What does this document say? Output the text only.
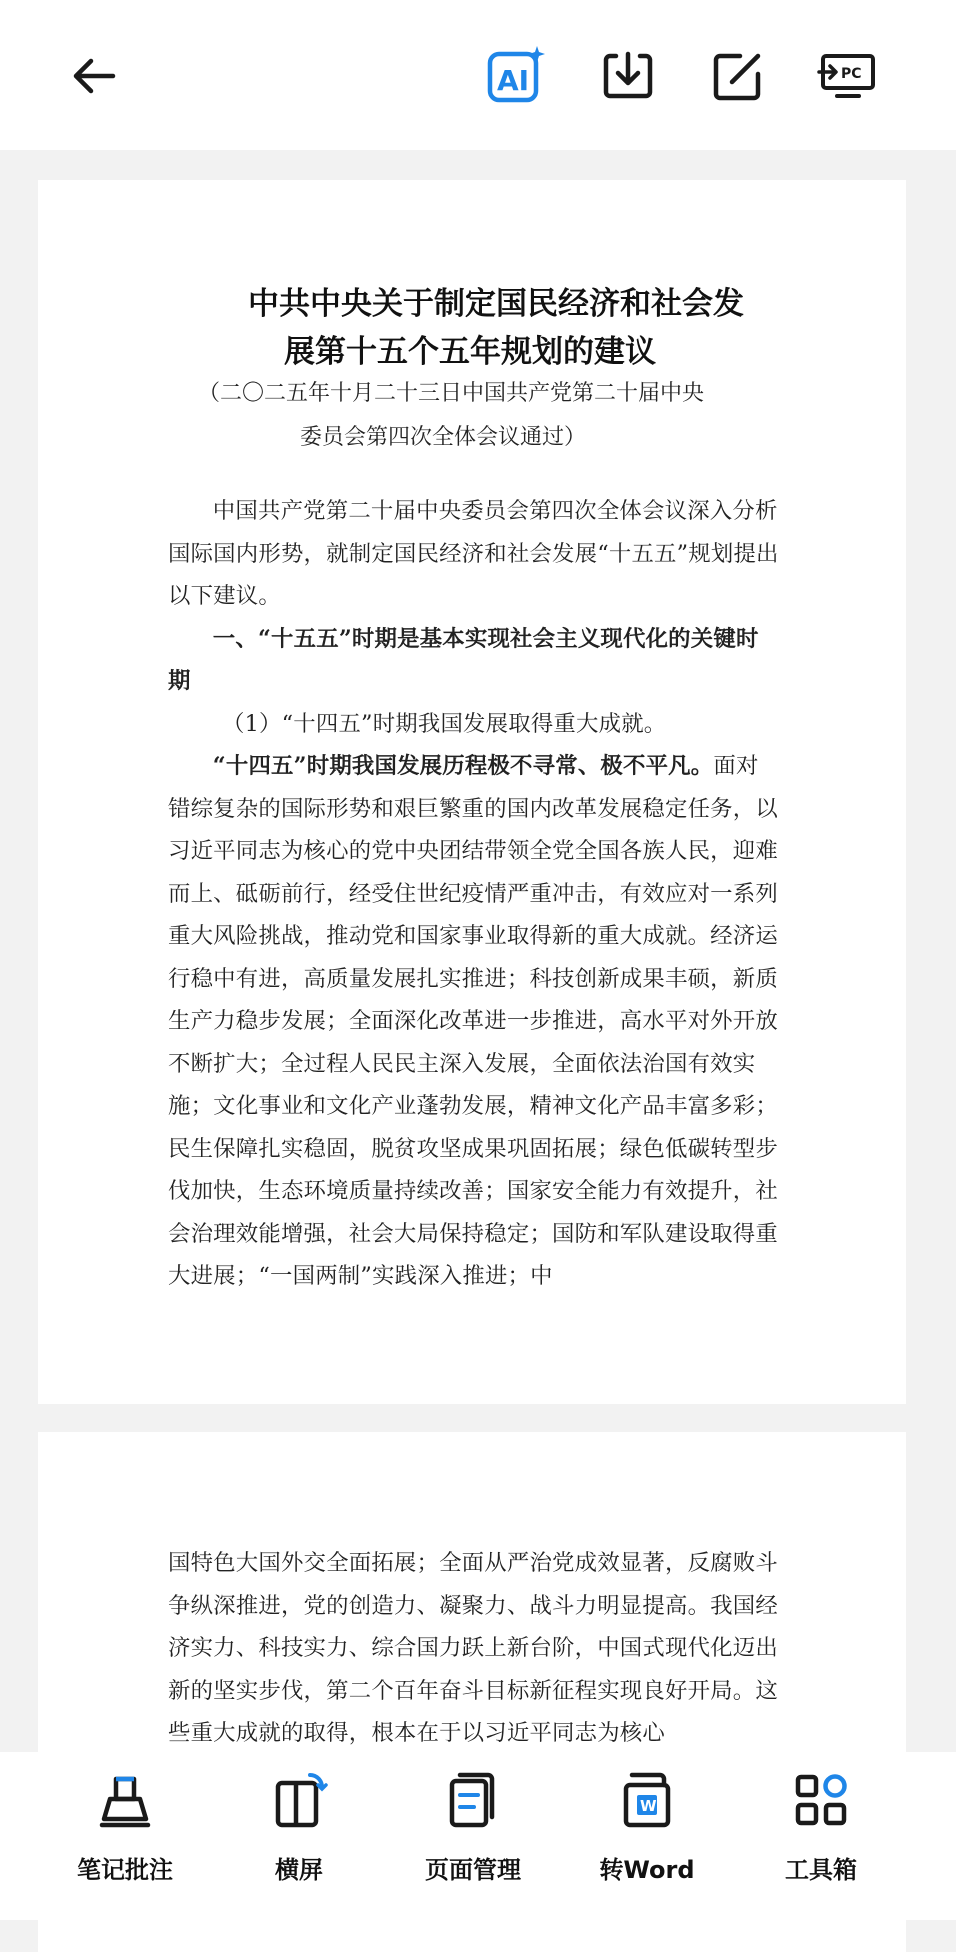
AI	PC
中共中央关于制定国民经济和社会发
展第十五个五年规划的建议
（二〇二五年十月二十三日中国共产党第二十届中央
委员会第四次全体会议通过）

中国共产党第二十届中央委员会第四次全体会议深入分析国际国内形势，就制定国民经济和社会发展“十五五”规划提出以下建议。

一、“十五五”时期是基本实现社会主义现代化的关键时期

（1）“十四五”时期我国发展取得重大成就。

“十四五”时期我国发展历程极不寻常、极不平凡。面对错综复杂的国际形势和艰巨繁重的国内改革发展稳定任务，以习近平同志为核心的党中央团结带领全党全国各族人民，迎难而上、砥砺前行，经受住世纪疫情严重冲击，有效应对一系列重大风险挑战，推动党和国家事业取得新的重大成就。经济运行稳中有进，高质量发展扎实推进；科技创新成果丰硕，新质生产力稳步发展；全面深化改革进一步推进，高水平对外开放不断扩大；全过程人民民主深入发展，全面依法治国有效实施；文化事业和文化产业蓬勃发展，精神文化产品丰富多彩；民生保障扎实稳固，脱贫攻坚成果巩固拓展；绿色低碳转型步伐加快，生态环境质量持续改善；国家安全能力有效提升，社会治理效能增强，社会大局保持稳定；国防和军队建设取得重大进展；“一国两制”实践深入推进；中

国特色大国外交全面拓展；全面从严治党成效显著，反腐败斗争纵深推进，党的创造力、凝聚力、战斗力明显提高。我国经济实力、科技实力、综合国力跃上新台阶，中国式现代化迈出新的坚实步伐，第二个百年奋斗目标新征程实现良好开局。这些重大成就的取得，根本在于以习近平同志为核心

笔记批注	横屏	页面管理
W
转Word	工具箱
